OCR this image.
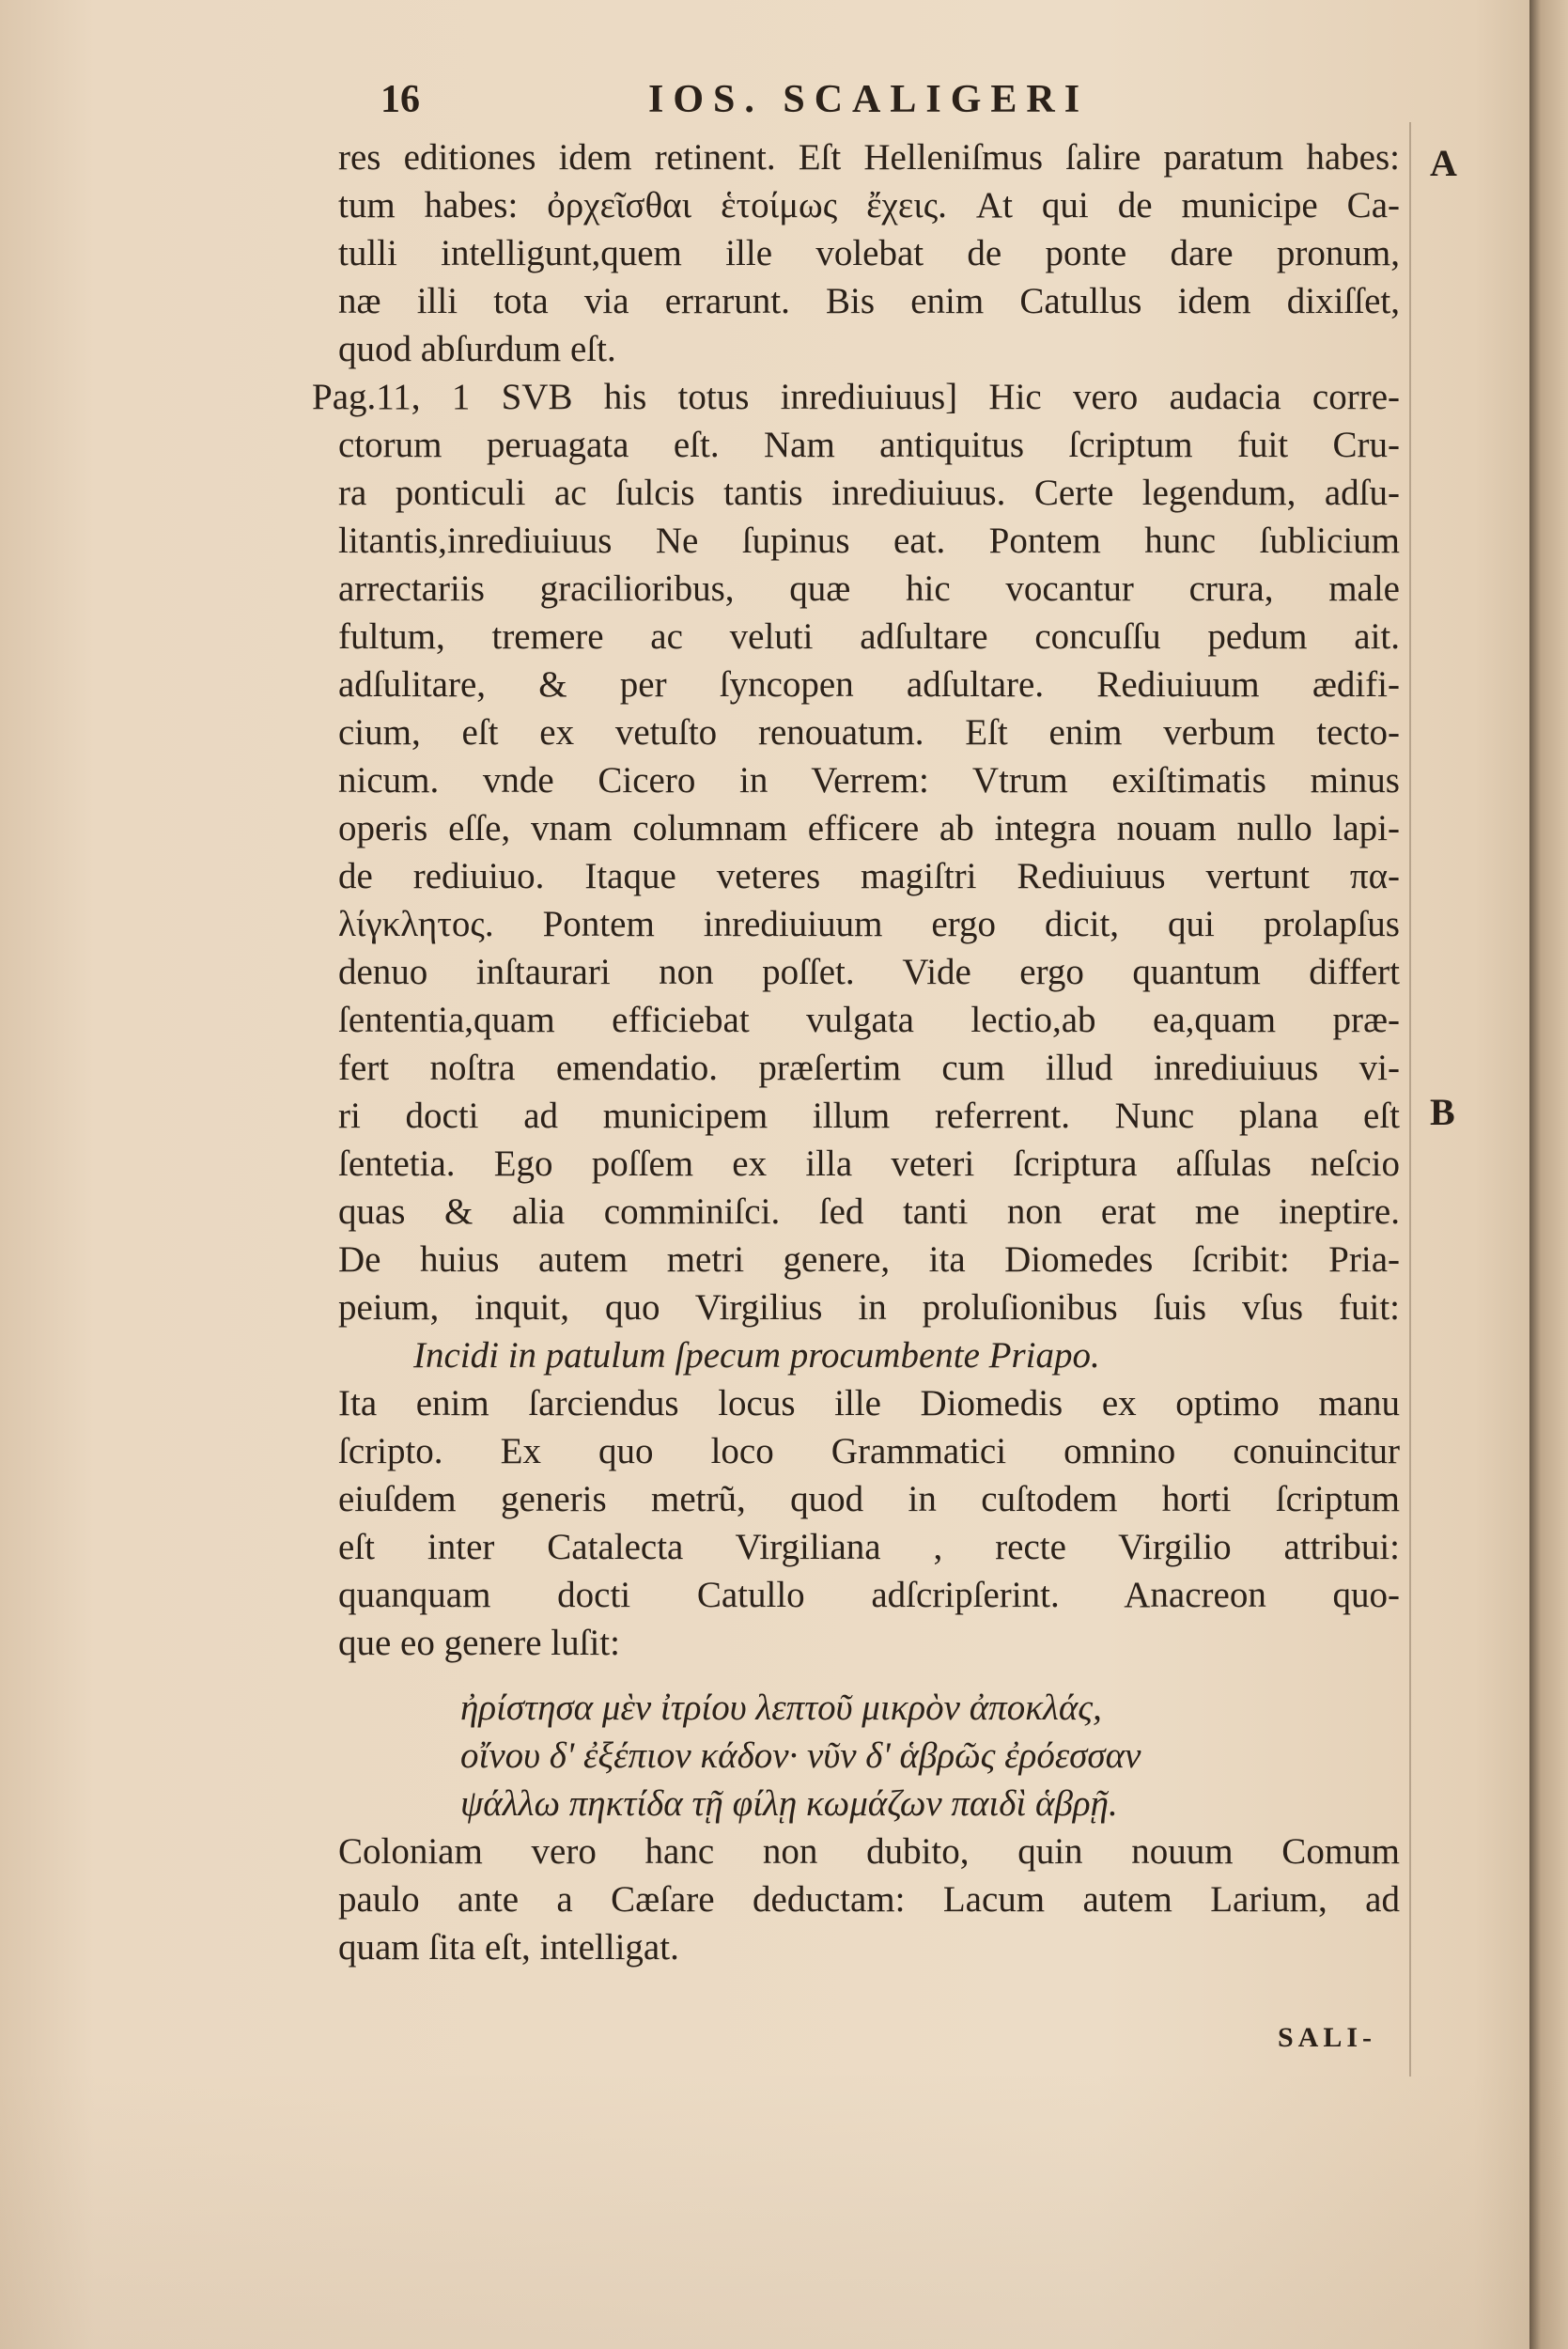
16	IOS. SCALIGERI
A
B
res editiones idem retinent. Eſt Helleniſmus ſalire paratum habes:
tum habes: ὀρχεῖσθαι ἑτοίμως ἔχεις. At qui de municipe Ca-
tulli intelligunt,quem ille volebat de ponte dare pronum,
næ illi tota via errarunt. Bis enim Catullus idem dixiſſet,
quod abſurdum eſt.
Pag.11, 1 SVB his totus inrediuiuus] Hic vero audacia corre-
ctorum peruagata eſt. Nam antiquitus ſcriptum fuit Cru-
ra ponticuli ac ſulcis tantis inrediuiuus. Certe legendum, adſu-
litantis,inrediuiuus Ne ſupinus eat. Pontem hunc ſublicium
arrectariis gracilioribus, quæ hic vocantur crura, male
fultum, tremere ac veluti adſultare concuſſu pedum ait.
adſulitare, & per ſyncopen adſultare. Rediuiuum ædifi-
cium, eſt ex vetuſto renouatum. Eſt enim verbum tecto-
nicum. vnde Cicero in Verrem: Vtrum exiſtimatis minus
operis eſſe, vnam columnam efficere ab integra nouam nullo lapi-
de rediuiuo. Itaque veteres magiſtri Rediuiuus vertunt πα-
λίγκλητος. Pontem inrediuiuum ergo dicit, qui prolapſus
denuo inſtaurari non poſſet. Vide ergo quantum differt
ſententia,quam efficiebat vulgata lectio,ab ea,quam præ-
fert noſtra emendatio. præſertim cum illud inrediuiuus vi-
ri docti ad municipem illum referrent. Nunc plana eſt
ſentetia. Ego poſſem ex illa veteri ſcriptura aſſulas neſcio
quas & alia comminiſci. ſed tanti non erat me ineptire.
De huius autem metri genere, ita Diomedes ſcribit: Pria-
peium, inquit, quo Virgilius in proluſionibus ſuis vſus fuit:
Incidi in patulum ſpecum procumbente Priapo.
Ita enim ſarciendus locus ille Diomedis ex optimo manu
ſcripto. Ex quo loco Grammatici omnino conuincitur
eiuſdem generis metrũ, quod in cuſtodem horti ſcriptum
eſt inter Catalecta Virgiliana , recte Virgilio attribui:
quanquam docti Catullo adſcripſerint. Anacreon quo-
que eo genere luſit:
ἠρίστησα μὲν ἰτρίου λεπτοῦ μικρὸν ἀποκλάς,
οἴνου δ' ἐξέπιον κάδον· νῦν δ' ἁβρῶς ἐρόεσσαν
ψάλλω πηκτίδα τῇ φίλῃ κωμάζων παιδὶ ἁβρῇ.
Coloniam vero hanc non dubito, quin nouum Comum
paulo ante a Cæſare deductam: Lacum autem Larium, ad
quam ſita eſt, intelligat.
SALI-
